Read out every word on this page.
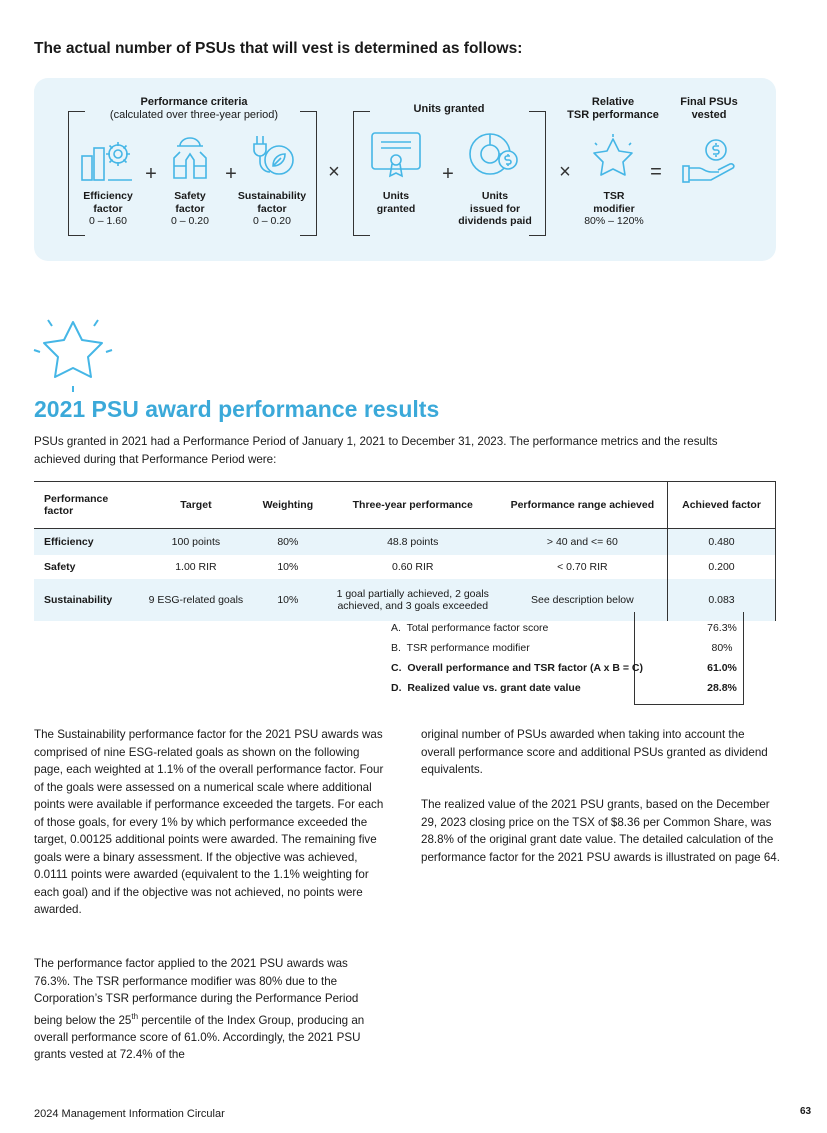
The actual number of PSUs that will vest is determined as follows:
Performance criteria
(calculated over three-year period)	Units granted
Relative
TSR performance
Final PSUs
vested
+	+	×	+	×	=
Efficiency
factor
0 – 1.60
Safety
factor
0 – 0.20
Sustainability
factor
0 – 0.20
Units
granted
Units
issued for
dividends paid
TSR
modifier
80% – 120%
2021 PSU award performance results
PSUs granted in 2021 had a Performance Period of January 1, 2021 to December 31, 2023. The performance metrics and the results achieved during that Performance Period were:
Performance factor	Target	Weighting	Three-year performance	Performance range achieved	Achieved factor
Efficiency	100 points	80%	48.8 points	> 40 and <= 60	0.480
Safety	1.00 RIR	10%	0.60 RIR	< 0.70 RIR	0.200
Sustainability	9 ESG-related goals	10%	1 goal partially achieved, 2 goals achieved, and 3 goals exceeded	See description below	0.083
A. Total performance factor score	76.3%
B. TSR performance modifier	80%
C. Overall performance and TSR factor (A x B = C)	61.0%
D. Realized value vs. grant date value	28.8%
The Sustainability performance factor for the 2021 PSU awards was comprised of nine ESG-related goals as shown on the following page, each weighted at 1.1% of the overall performance factor. Four of the goals were assessed on a numerical scale where additional points were available if performance exceeded the targets. For each of those goals, for every 1% by which performance exceeded the target, 0.00125 additional points were awarded. The remaining five goals were a binary assessment. If the objective was achieved, 0.0111 points were awarded (equivalent to the 1.1% weighting for each goal) and if the objective was not achieved, no points were awarded.
The performance factor applied to the 2021 PSU awards was 76.3%. The TSR performance modifier was 80% due to the Corporation’s TSR performance during the Performance Period being below the 25th percentile of the Index Group, producing an overall performance score of 61.0%. Accordingly, the 2021 PSU grants vested at 72.4% of the
original number of PSUs awarded when taking into account the overall performance score and additional PSUs granted as dividend equivalents.
The realized value of the 2021 PSU grants, based on the December 29, 2023 closing price on the TSX of $8.36 per Common Share, was 28.8% of the original grant date value. The detailed calculation of the performance factor for the 2021 PSU awards is illustrated on page 64.
2024 Management Information Circular	63
